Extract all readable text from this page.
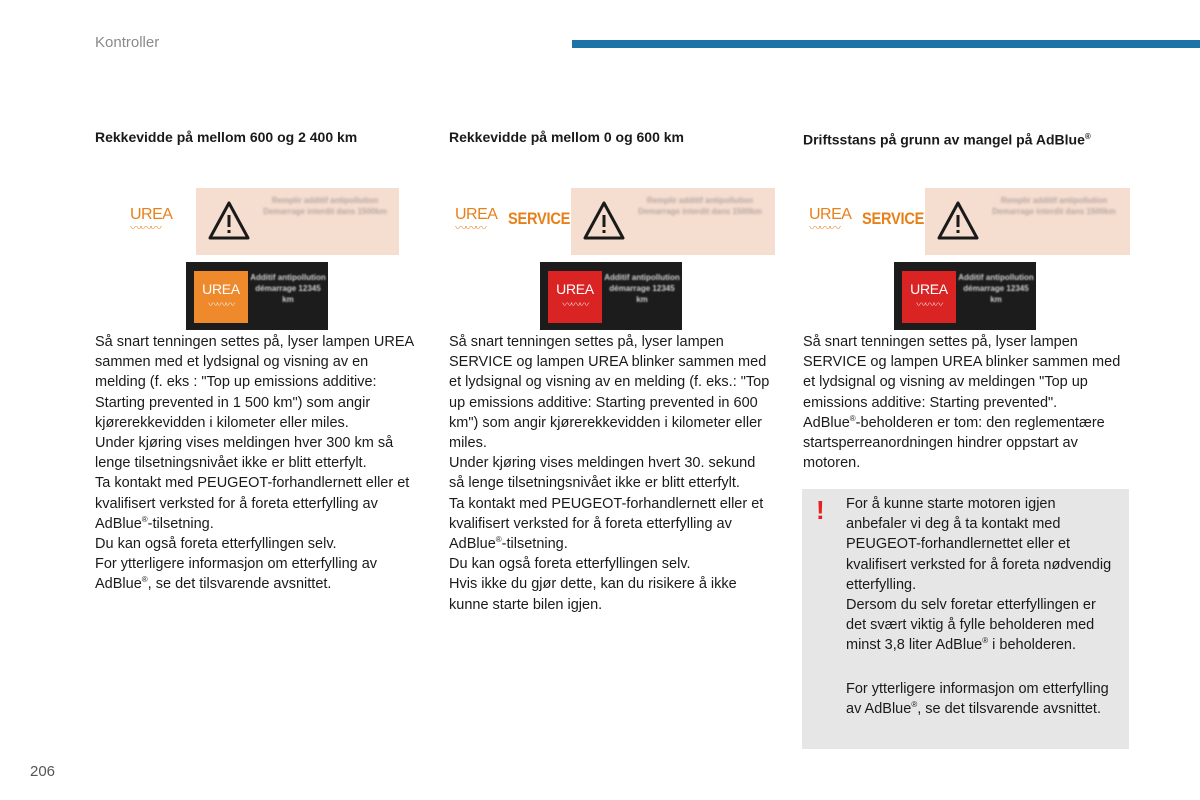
Kontroller
Rekkevidde på mellom 600 og 2 400 km
UREA
〰〰〰
Remplir additif antipollution Demarrage interdit dans 1500km
UREA
〰〰〰
Additif antipollution démarrage 12345 km

Så snart tenningen settes på, lyser lampen UREA sammen med et lydsignal og visning av en melding (f. eks : "Top up emissions additive: Starting prevented in 1 500 km") som angir kjørerekkevidden i kilometer eller miles.
Under kjøring vises meldingen hver 300 km så lenge tilsetningsnivået ikke er blitt etterfylt.
Ta kontakt med PEUGEOT-forhandlernett eller et kvalifisert verksted for å foreta etterfylling av AdBlue®-tilsetning.
Du kan også foreta etterfyllingen selv.
For ytterligere informasjon om etterfylling av AdBlue®, se det tilsvarende avsnittet.

Rekkevidde på mellom 0 og 600 km
UREA
〰〰〰 SERVICE
Remplir additif antipollution Demarrage interdit dans 1500km
UREA
〰〰〰
Additif antipollution démarrage 12345 km

Så snart tenningen settes på, lyser lampen SERVICE og lampen UREA blinker sammen med et lydsignal og visning av en melding (f. eks.: "Top up emissions additive: Starting prevented in 600 km") som angir kjørerekkevidden i kilometer eller miles.
Under kjøring vises meldingen hvert 30. sekund så lenge tilsetningsnivået ikke er blitt etterfylt.
Ta kontakt med PEUGEOT-forhandlernett eller et kvalifisert verksted for å foreta etterfylling av AdBlue®-tilsetning.
Du kan også foreta etterfyllingen selv.
Hvis ikke du gjør dette, kan du risikere å ikke kunne starte bilen igjen.

Driftsstans på grunn av mangel på AdBlue®
UREA
〰〰〰 SERVICE
Remplir additif antipollution Demarrage interdit dans 1500km
UREA
〰〰〰
Additif antipollution démarrage 12345 km

Så snart tenningen settes på, lyser lampen SERVICE og lampen UREA blinker sammen med et lydsignal og visning av meldingen "Top up emissions additive: Starting prevented".
AdBlue®-beholderen er tom: den reglementære startsperreanordningen hindrer oppstart av motoren.

! For å kunne starte motoren igjen anbefaler vi deg å ta kontakt med PEUGEOT-forhandlernettet eller et kvalifisert verksted for å foreta nødvendig etterfylling.
Dersom du selv foretar etterfyllingen er det svært viktig å fylle beholderen med minst 3,8 liter AdBlue® i beholderen.

For ytterligere informasjon om etterfylling av AdBlue®, se det tilsvarende avsnittet.

206
